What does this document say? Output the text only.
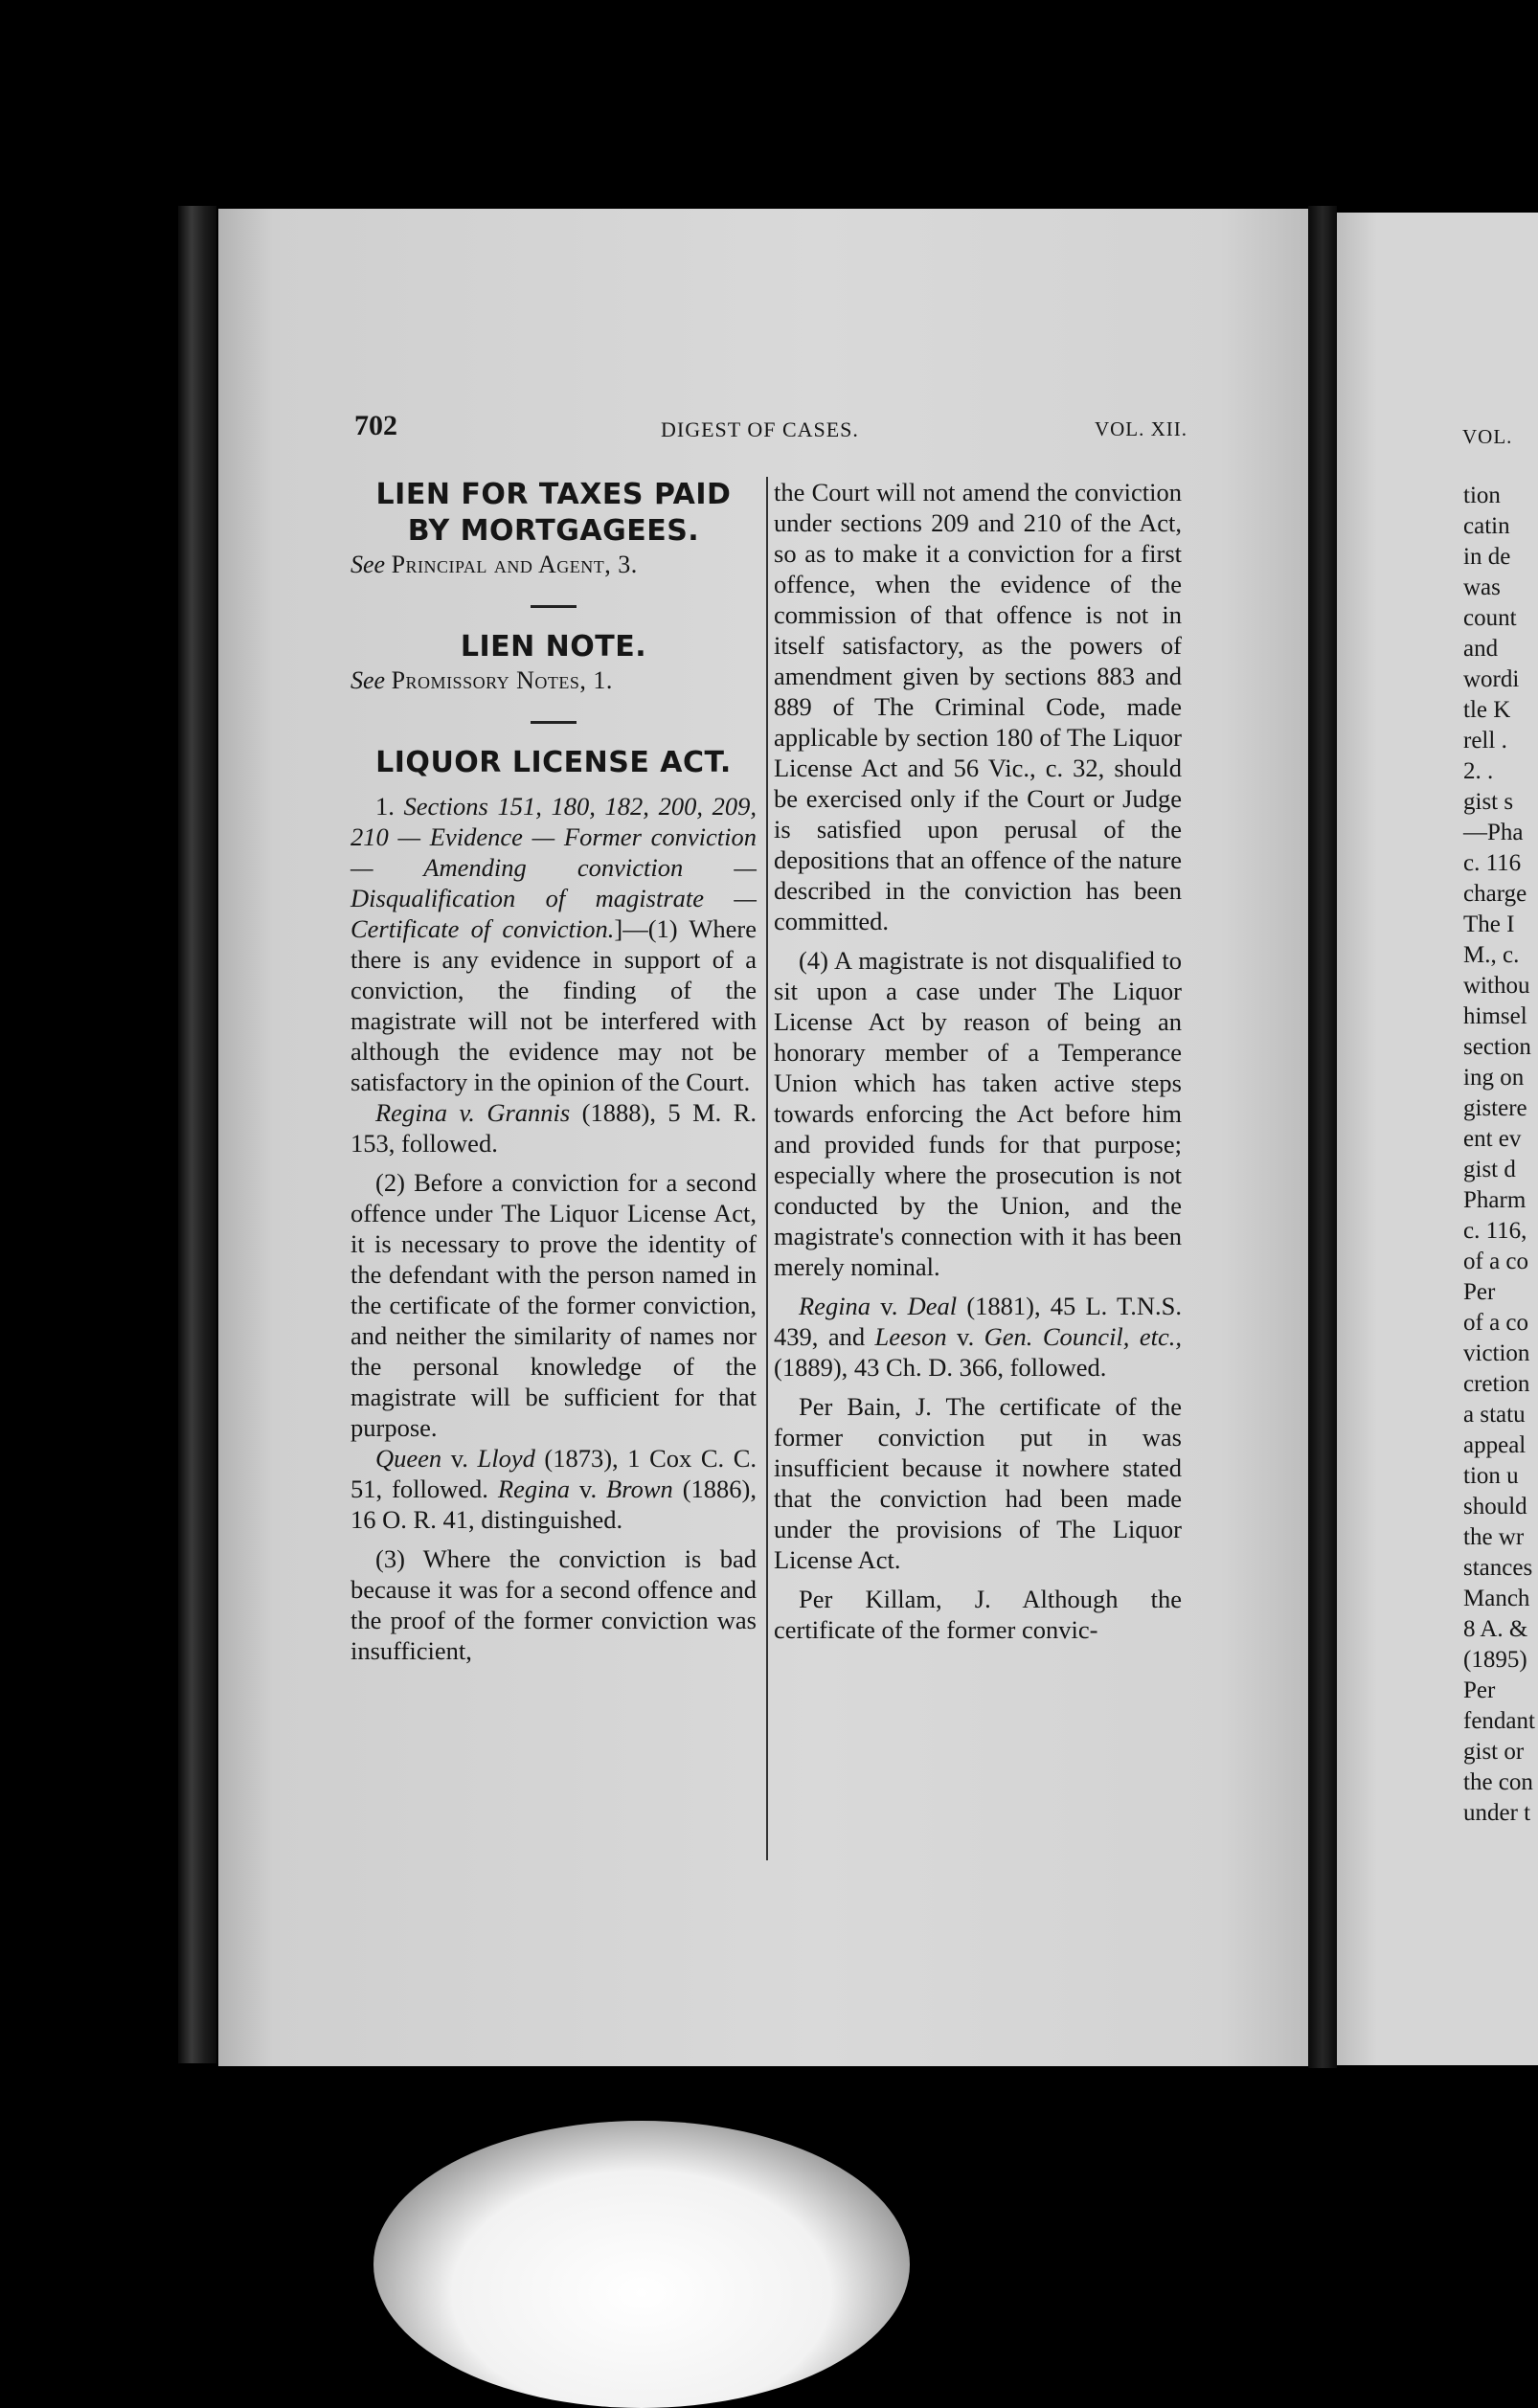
702	DIGEST OF CASES.	VOL. XII.
LIEN FOR TAXES PAID BY MORTGAGEES.

See Principal and Agent, 3.

LIEN NOTE.

See Promissory Notes, 1.

LIQUOR LICENSE ACT.

1. Sections 151, 180, 182, 200, 209, 210 — Evidence — Former conviction — Amending conviction — Disqualification of magistrate — Certificate of conviction.]—(1) Where there is any evidence in support of a conviction, the finding of the magistrate will not be interfered with although the evidence may not be satisfactory in the opinion of the Court.

Regina v. Grannis (1888), 5 M. R. 153, followed.

(2) Before a conviction for a second offence under The Liquor License Act, it is necessary to prove the identity of the defendant with the person named in the certificate of the former conviction, and neither the similarity of names nor the personal knowledge of the magistrate will be sufficient for that purpose.

Queen v. Lloyd (1873), 1 Cox C. C. 51, followed. Regina v. Brown (1886), 16 O. R. 41, distinguished.

(3) Where the conviction is bad because it was for a second offence and the proof of the former conviction was insufficient,

the Court will not amend the conviction under sections 209 and 210 of the Act, so as to make it a conviction for a first offence, when the evidence of the commission of that offence is not in itself satisfactory, as the powers of amendment given by sections 883 and 889 of The Criminal Code, made applicable by section 180 of The Liquor License Act and 56 Vic., c. 32, should be exercised only if the Court or Judge is satisfied upon perusal of the depositions that an offence of the nature described in the conviction has been committed.

(4) A magistrate is not disqualified to sit upon a case under The Liquor License Act by reason of being an honorary member of a Temperance Union which has taken active steps towards enforcing the Act before him and provided funds for that purpose; especially where the prosecution is not conducted by the Union, and the magistrate's connection with it has been merely nominal.

Regina v. Deal (1881), 45 L. T.N.S. 439, and Leeson v. Gen. Council, etc., (1889), 43 Ch. D. 366, followed.

Per Bain, J. The certificate of the former conviction put in was insufficient because it nowhere stated that the conviction had been made under the provisions of The Liquor License Act.

Per Killam, J. Although the certificate of the former convic-

VOL.
tion
catin
in de
was
count
and
wordi
tle K
rell .
2. .
gist s
—Pha
c. 116
charge
The I
M., c.
withou
himsel
section
ing on
gistere
ent ev
gist d
Pharm
c. 116,
of a co
Per
of a co
viction
cretion
a statu
appeal
tion u
should
the wr
stances
Manch
8 A. &
(1895)
Per
fendant
gist or
the con
under t
